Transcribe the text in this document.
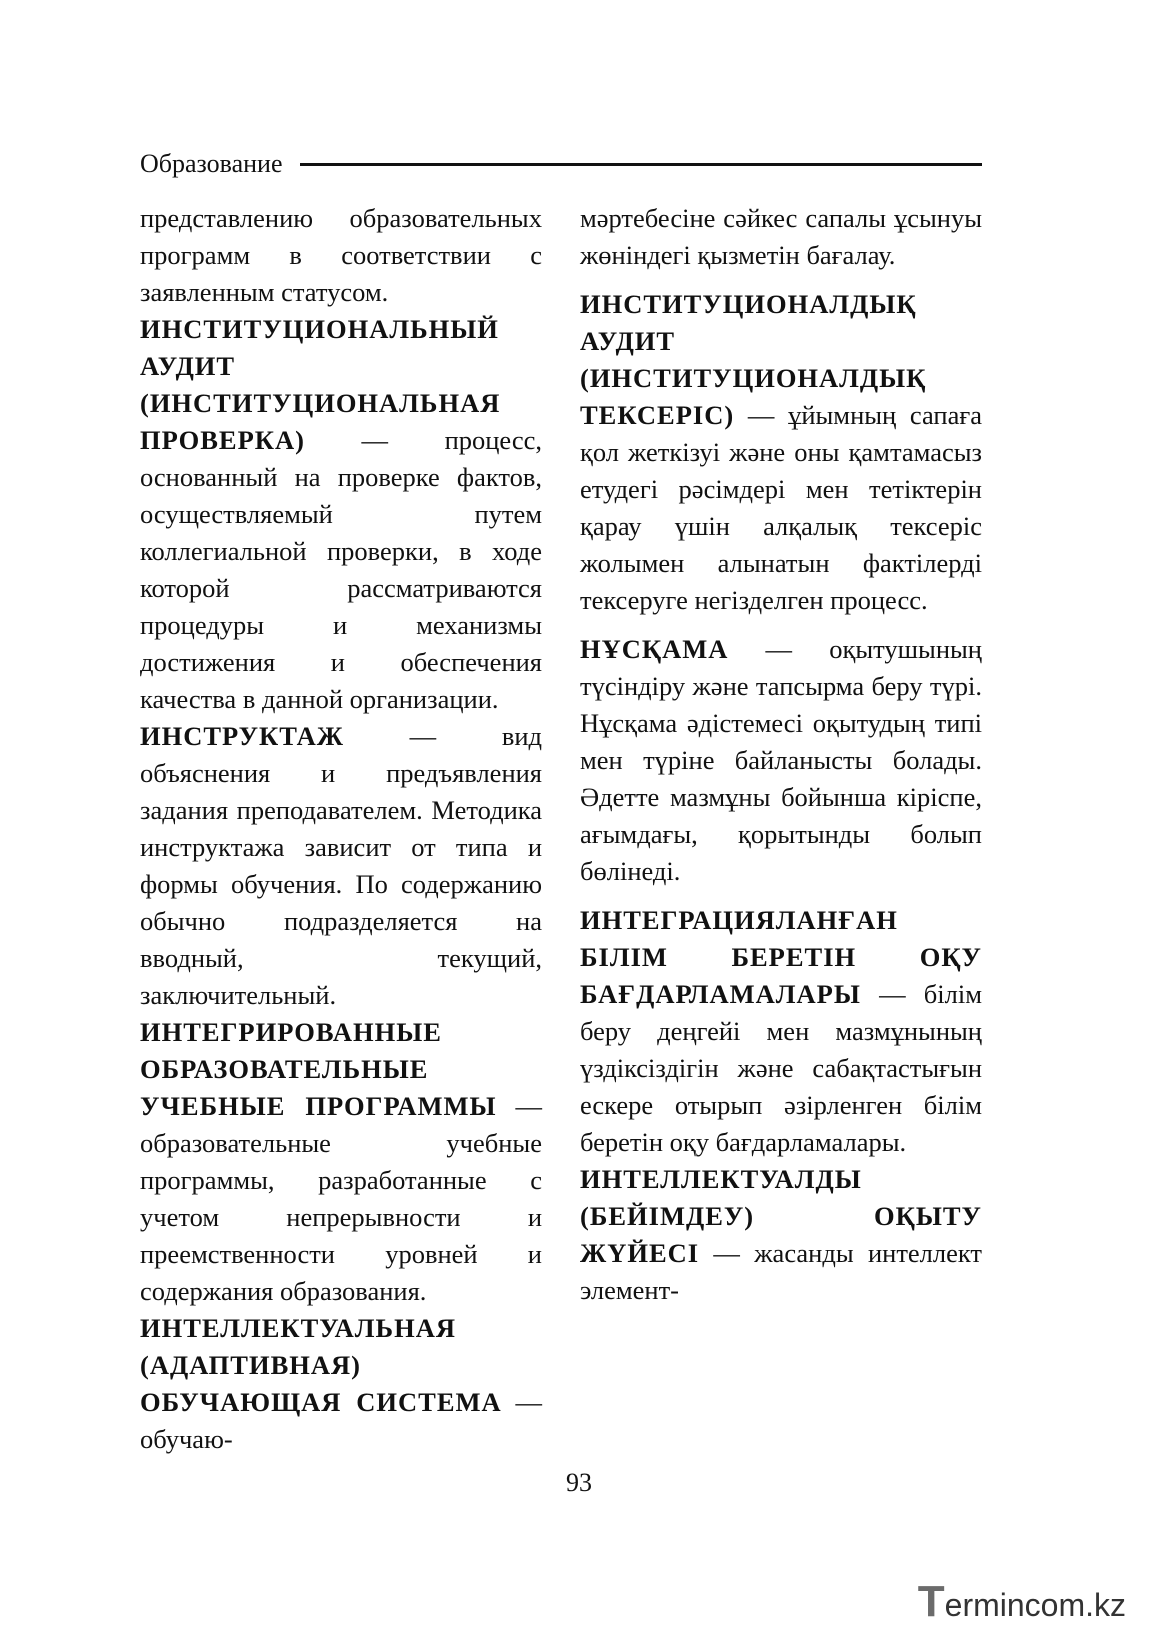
Образование

представлению образовательных программ в соответствии с заявленным статусом.

ИНСТИТУЦИОНАЛЬНЫЙ АУДИТ (ИНСТИТУЦИОНАЛЬНАЯ ПРОВЕРКА) — процесс, основанный на проверке фактов, осуществляемый путем коллегиальной проверки, в ходе которой рассматриваются процедуры и механизмы достижения и обеспечения качества в данной организации.

ИНСТРУКТАЖ — вид объяснения и предъявления задания преподавателем. Методика инструктажа зависит от типа и формы обучения. По содержанию обычно подразделяется на вводный, текущий, заключительный.

ИНТЕГРИРОВАННЫЕ ОБРАЗОВАТЕЛЬНЫЕ УЧЕБНЫЕ ПРОГРАММЫ — образовательные учебные программы, разработанные с учетом непрерывности и преемственности уровней и содержания образования.

ИНТЕЛЛЕКТУАЛЬНАЯ (АДАПТИВНАЯ) ОБУЧАЮЩАЯ СИСТЕМА — обучаю-

мәртебесіне сәйкес сапалы ұсынуы жөніндегі қызметін бағалау.

ИНСТИТУЦИОНАЛДЫҚ АУДИТ (ИНСТИТУЦИОНАЛДЫҚ ТЕКСЕРІС) — ұйымның сапаға қол жеткізуі және оны қамтамасыз етудегі рәсімдері мен тетіктерін қарау үшін алқалық тексеріс жолымен алынатын фактілерді тексеруге негізделген процесс.

НҰСҚАМА — оқытушының түсіндіру және тапсырма беру түрі. Нұсқама әдістемесі оқытудың типі мен түріне байланысты болады. Әдетте мазмұны бойынша кіріспе, ағымдағы, қорытынды болып бөлінеді.

ИНТЕГРАЦИЯЛАНҒАН БІЛІМ БЕРЕТІН ОҚУ БАҒДАРЛАМАЛАРЫ — білім беру деңгейі мен мазмұнының үздіксіздігін және сабақтастығын ескере отырып әзірленген білім беретін оқу бағдарламалары.

ИНТЕЛЛЕКТУАЛДЫ (БЕЙІМДЕУ) ОҚЫТУ ЖҮЙЕСІ — жасанды интеллект элемент-

93
T ermincom.kz
